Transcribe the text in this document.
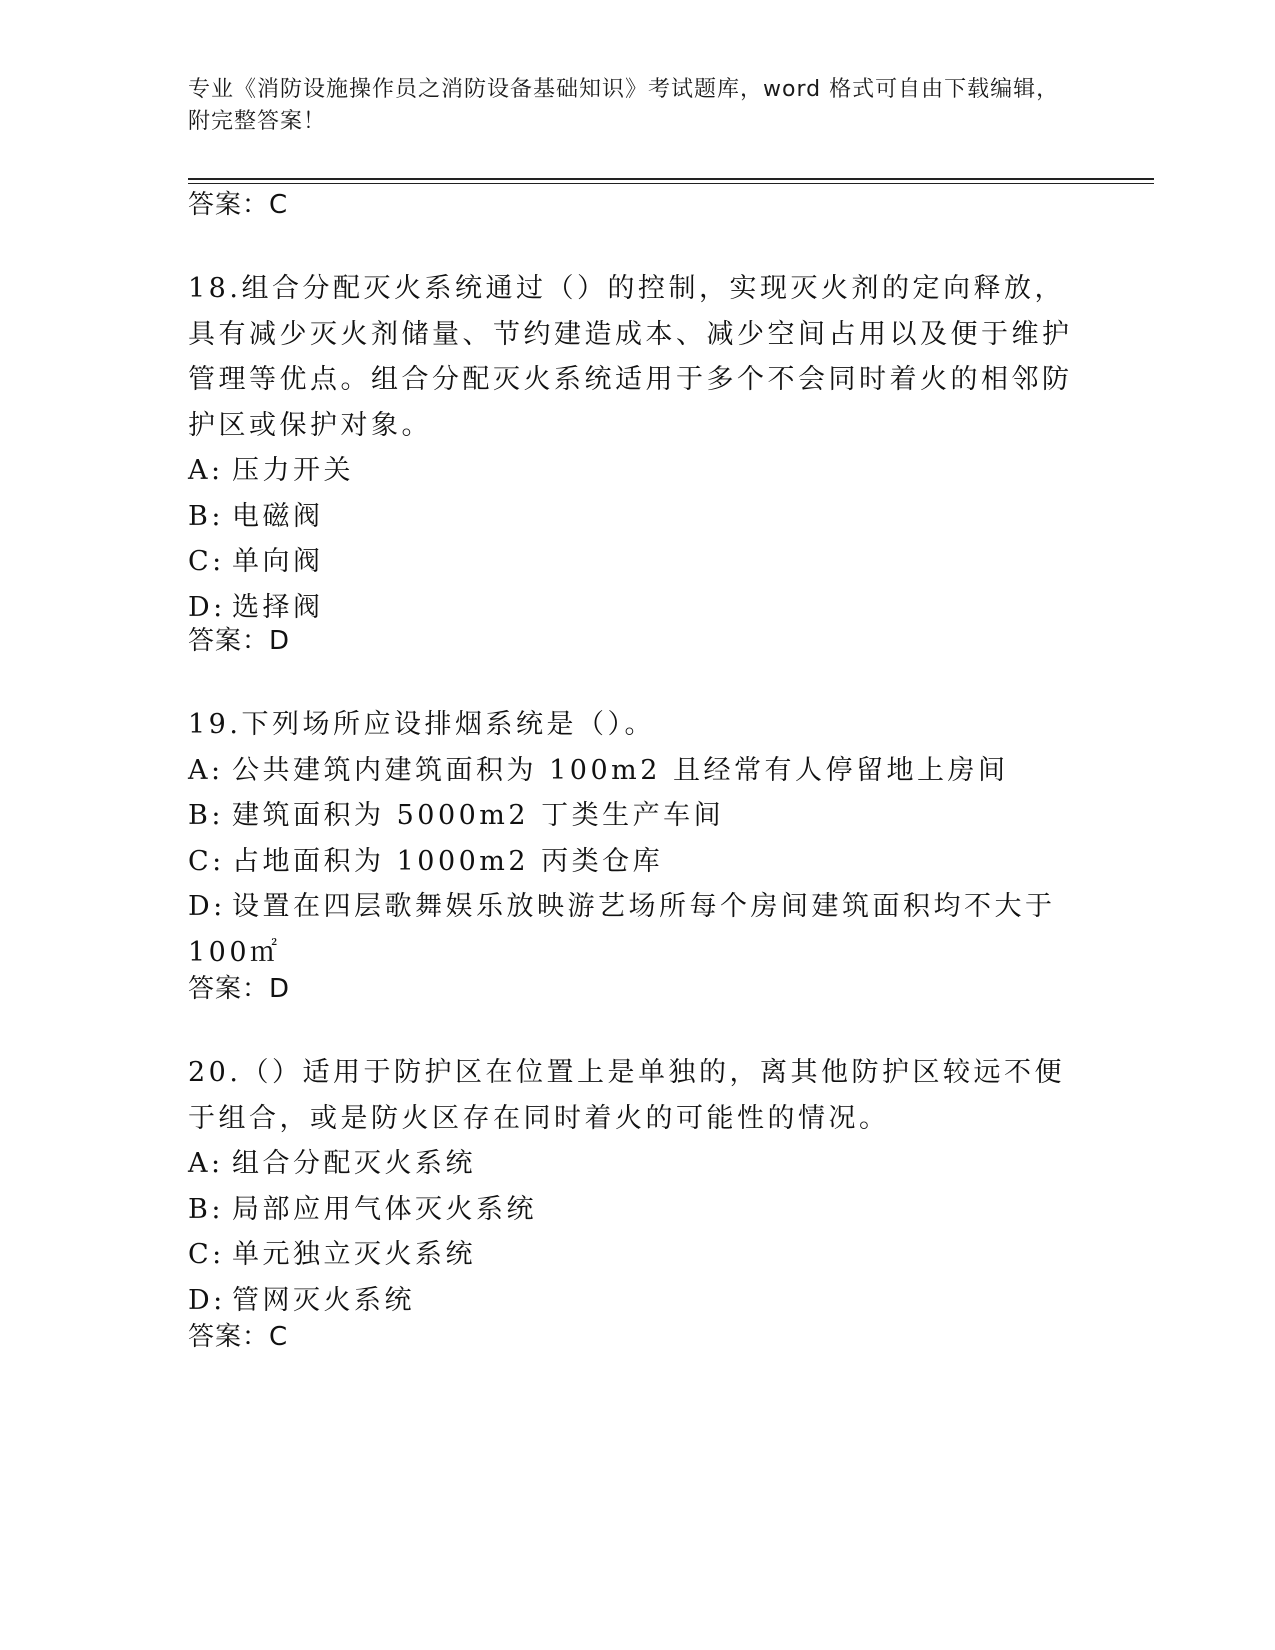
专业《消防设施操作员之消防设备基础知识》考试题库，word 格式可自由下载编辑，附完整答案！
答案：C

18.组合分配灭火系统通过（）的控制，实现灭火剂的定向释放，具有减少灭火剂储量、节约建造成本、减少空间占用以及便于维护管理等优点。组合分配灭火系统适用于多个不会同时着火的相邻防护区或保护对象。

A: 压力开关

B: 电磁阀

C: 单向阀

D: 选择阀

答案：D

19.下列场所应设排烟系统是（）。

A: 公共建筑内建筑面积为 100m2 且经常有人停留地上房间

B: 建筑面积为 5000m2 丁类生产车间

C: 占地面积为 1000m2 丙类仓库

D: 设置在四层歌舞娱乐放映游艺场所每个房间建筑面积均不大于 100㎡

答案：D

20.（）适用于防护区在位置上是单独的，离其他防护区较远不便于组合，或是防火区存在同时着火的可能性的情况。

A: 组合分配灭火系统

B: 局部应用气体灭火系统

C: 单元独立灭火系统

D: 管网灭火系统

答案：C
